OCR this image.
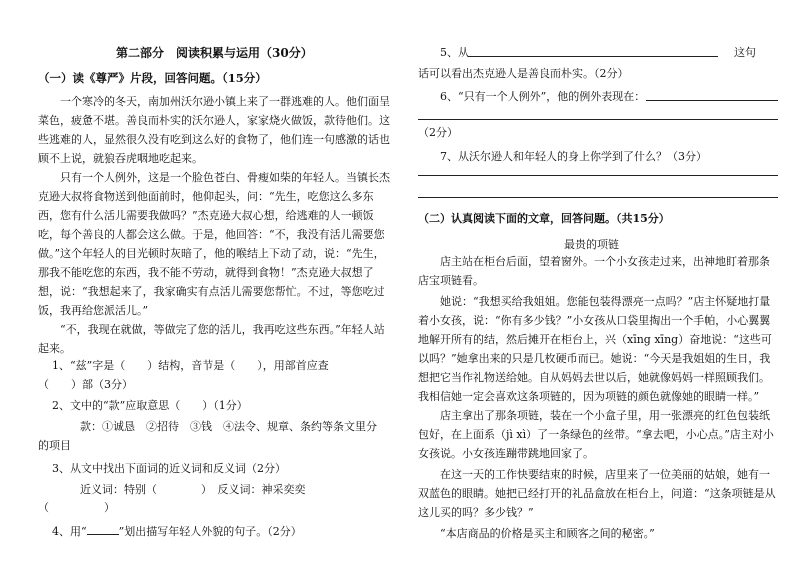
第二部分　阅读积累与运用（30分）
（一）读《尊严》片段，回答问题。（15分）
一个寒冷的冬天，南加州沃尔逊小镇上来了一群逃难的人。他们面呈菜色，疲惫不堪。善良而朴实的沃尔逊人，家家烧火做饭，款待他们。这些逃难的人，显然很久没有吃到这么好的食物了，他们连一句感激的话也顾不上说，就狼吞虎咽地吃起来。
只有一个人例外，这是一个脸色苍白、骨瘦如柴的年轻人。当镇长杰克逊大叔将食物送到他面前时，他仰起头，问：“先生，吃您这么多东西，您有什么活儿需要我做吗？”杰克逊大叔心想，给逃难的人一顿饭吃，每个善良的人都会这么做。于是，他回答：“不，我没有活儿需要您做。” 这个年轻人的目光顿时灰暗了，他的喉结上下动了动，说：“先生，那我不能吃您的东西，我不能不劳动，就得到食物！”杰克逊大叔想了想，说：“我想起来了，我家确实有点活儿需要您帮忙。不过，等您吃过饭，我再给您派活儿。”
“不，我现在就做，等做完了您的活儿，我再吃这些东西。”年轻人站起来。
1、“兹”字是（　　）结构，音节是（　　），用部首应查
（　　）部（3分）
2、文中的“款”应取意思（　　）（1分）
款：①诚恳　②招待　③钱　④法令、规章、条约等条文里分
的项目
3、从文中找出下面词的近义词和反义词（2分）
近义词：特别（　　　　）　反义词：神采奕奕
（　　　　　）
4、用“	”划出描写年轻人外貌的句子。（2分）
5、从	这句
话可以看出杰克逊人是善良而朴实。（2分）
6、“只有一个人例外”，他的例外表现在：
（2分）
7、从沃尔逊人和年轻人的身上你学到了什么？（3分）
（二）认真阅读下面的文章，回答问题。（共15分）
最贵的项链
店主站在柜台后面，望着窗外。一个小女孩走过来，出神地盯着那条店宝项链看。
她说：“我想买给我姐姐。您能包装得漂亮一点吗？”店主怀疑地打量着小女孩，说：“你有多少钱？”小女孩从口袋里掏出一个手帕，小心翼翼地解开所有的结，然后摊开在柜台上，兴（xīng xīng）奋地说：“这些可以吗？”她拿出来的只是几枚硬币而已。她说：“今天是我姐姐的生日，我想把它当作礼物送给她。自从妈妈去世以后，她就像妈妈一样照顾我们。我相信她一定会喜欢这条项链的，因为项链的颜色就像她的眼睛一样。”
店主拿出了那条项链，装在一个小盒子里，用一张漂亮的红色包装纸包好，在上面系（jì xì）了一条绿色的丝带。“拿去吧，小心点。”店主对小女孩说。小女孩连蹦带跳地回家了。
在这一天的工作快要结束的时候，店里来了一位美丽的姑娘，她有一双蓝色的眼睛。她把已经打开的礼品盒放在柜台上，问道：“这条项链是从这儿买的吗？多少钱？”
“本店商品的价格是买主和顾客之间的秘密。”
